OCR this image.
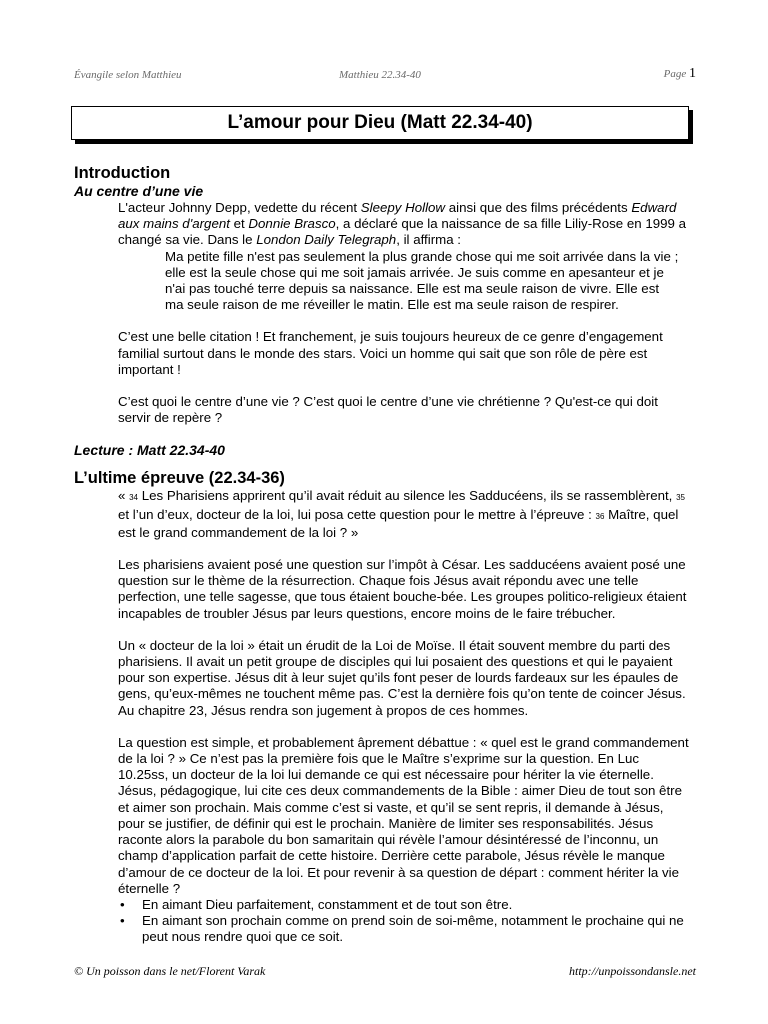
Évangile selon Matthieu	Matthieu 22.34-40	Page 1
L’amour pour Dieu (Matt 22.34-40)
Introduction
Au centre d’une vie

L'acteur Johnny Depp, vedette du récent Sleepy Hollow ainsi que des films précédents Edward aux mains d'argent et Donnie Brasco, a déclaré que la naissance de sa fille Liliy-Rose en 1999 a changé sa vie. Dans le London Daily Telegraph, il affirma :

Ma petite fille n'est pas seulement la plus grande chose qui me soit arrivée dans la vie ; elle est la seule chose qui me soit jamais arrivée. Je suis comme en apesanteur et je n'ai pas touché terre depuis sa naissance. Elle est ma seule raison de vivre. Elle est ma seule raison de me réveiller le matin. Elle est ma seule raison de respirer.

C’est une belle citation ! Et franchement, je suis toujours heureux de ce genre d’engagement familial surtout dans le monde des stars. Voici un homme qui sait que son rôle de père est important !

C’est quoi le centre d’une vie ? C’est quoi le centre d’une vie chrétienne ? Qu'est-ce qui doit servir de repère ?

Lecture : Matt 22.34-40
L’ultime épreuve (22.34-36)

« 34 Les Pharisiens apprirent qu’il avait réduit au silence les Sadducéens, ils se rassemblèrent, 35 et l’un d’eux, docteur de la loi, lui posa cette question pour le mettre à l’épreuve : 36 Maître, quel est le grand commandement de la loi ? »

Les pharisiens avaient posé une question sur l’impôt à César. Les sadducéens avaient posé une question sur le thème de la résurrection. Chaque fois Jésus avait répondu avec une telle perfection, une telle sagesse, que tous étaient bouche-bée. Les groupes politico-religieux étaient incapables de troubler Jésus par leurs questions, encore moins de le faire trébucher.

Un « docteur de la loi » était un érudit de la Loi de Moïse. Il était souvent membre du parti des pharisiens. Il avait un petit groupe de disciples qui lui posaient des questions et qui le payaient pour son expertise. Jésus dit à leur sujet qu’ils font peser de lourds fardeaux sur les épaules de gens, qu’eux-mêmes ne touchent même pas. C’est la dernière fois qu’on tente de coincer Jésus. Au chapitre 23, Jésus rendra son jugement à propos de ces hommes.

La question est simple, et probablement âprement débattue : « quel est le grand commandement de la loi ? » Ce n’est pas la première fois que le Maître s’exprime sur la question. En Luc 10.25ss, un docteur de la loi lui demande ce qui est nécessaire pour hériter la vie éternelle. Jésus, pédagogique, lui cite ces deux commandements de la Bible : aimer Dieu de tout son être et aimer son prochain. Mais comme c’est si vaste, et qu’il se sent repris, il demande à Jésus, pour se justifier, de définir qui est le prochain. Manière de limiter ses responsabilités. Jésus raconte alors la parabole du bon samaritain qui révèle l’amour désintéressé de l’inconnu, un champ d’application parfait de cette histoire. Derrière cette parabole, Jésus révèle le manque d’amour de ce docteur de la loi. Et pour revenir à sa question de départ : comment hériter la vie éternelle ?

• En aimant Dieu parfaitement, constamment et de tout son être.
• En aimant son prochain comme on prend soin de soi-même, notamment le prochaine qui ne peut nous rendre quoi que ce soit.
© Un poisson dans le net/Florent Varak	http://unpoissondansle.net
